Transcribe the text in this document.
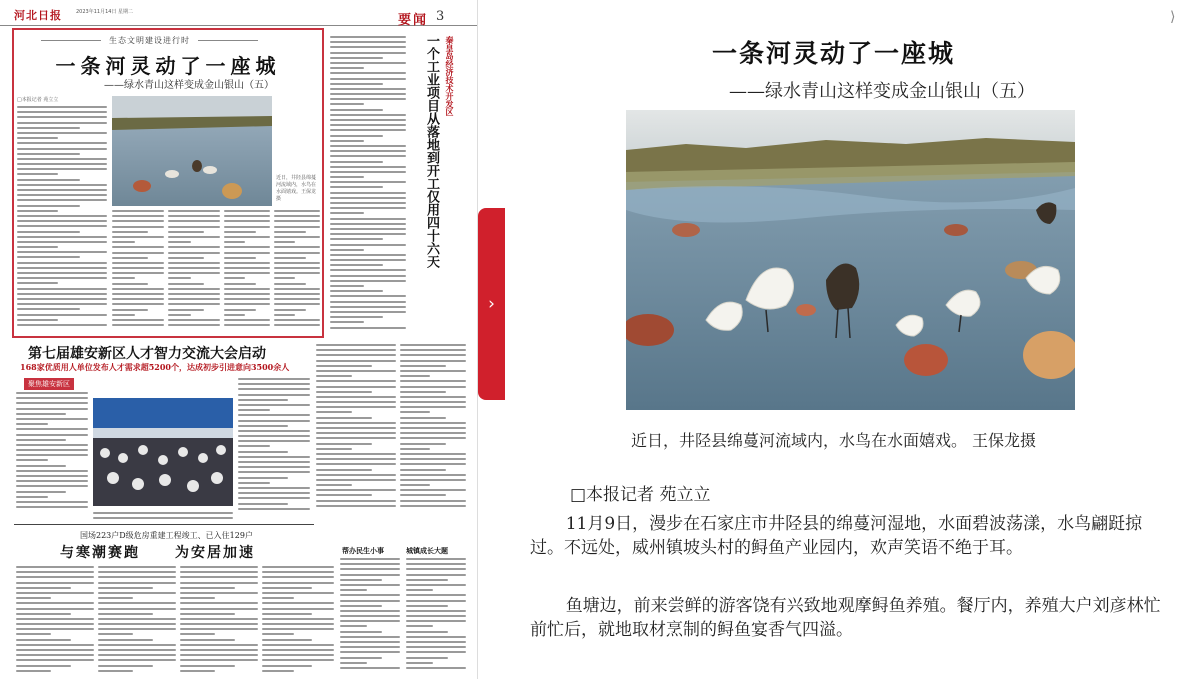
河北日报	2023年11月14日 星期二
要闻 3
生态文明建设进行时
一条河灵动了一座城
——绿水青山这样变成金山银山（五）
□本报记者 苑立立
近日，井陉县绵蔓河流域内，水鸟在水面嬉戏。王保龙摄	一个工业项目从落地到开工仅用四十六天 秦皇岛经济技术开发区
第七届雄安新区人才智力交流大会启动
168家优质用人单位发布人才需求超5200个，达成初步引进意向3500余人
聚焦雄安新区
国场223户D级危房重建工程竣工、已入住129户
与寒潮赛跑	为安居加速	帮办民生小事	城镇成长大题
›
⟩
一条河灵动了一座城
——绿水青山这样变成金山银山（五）
近日，井陉县绵蔓河流域内，水鸟在水面嬉戏。 王保龙摄
□本报记者 苑立立

11月9日，漫步在石家庄市井陉县的绵蔓河湿地，水面碧波荡漾，水鸟翩跹掠过。不远处，威州镇坡头村的鲟鱼产业园内，欢声笑语不绝于耳。

鱼塘边，前来尝鲜的游客饶有兴致地观摩鲟鱼养殖。餐厅内，养殖大户刘彦林忙前忙后，就地取材烹制的鲟鱼宴香气四溢。
